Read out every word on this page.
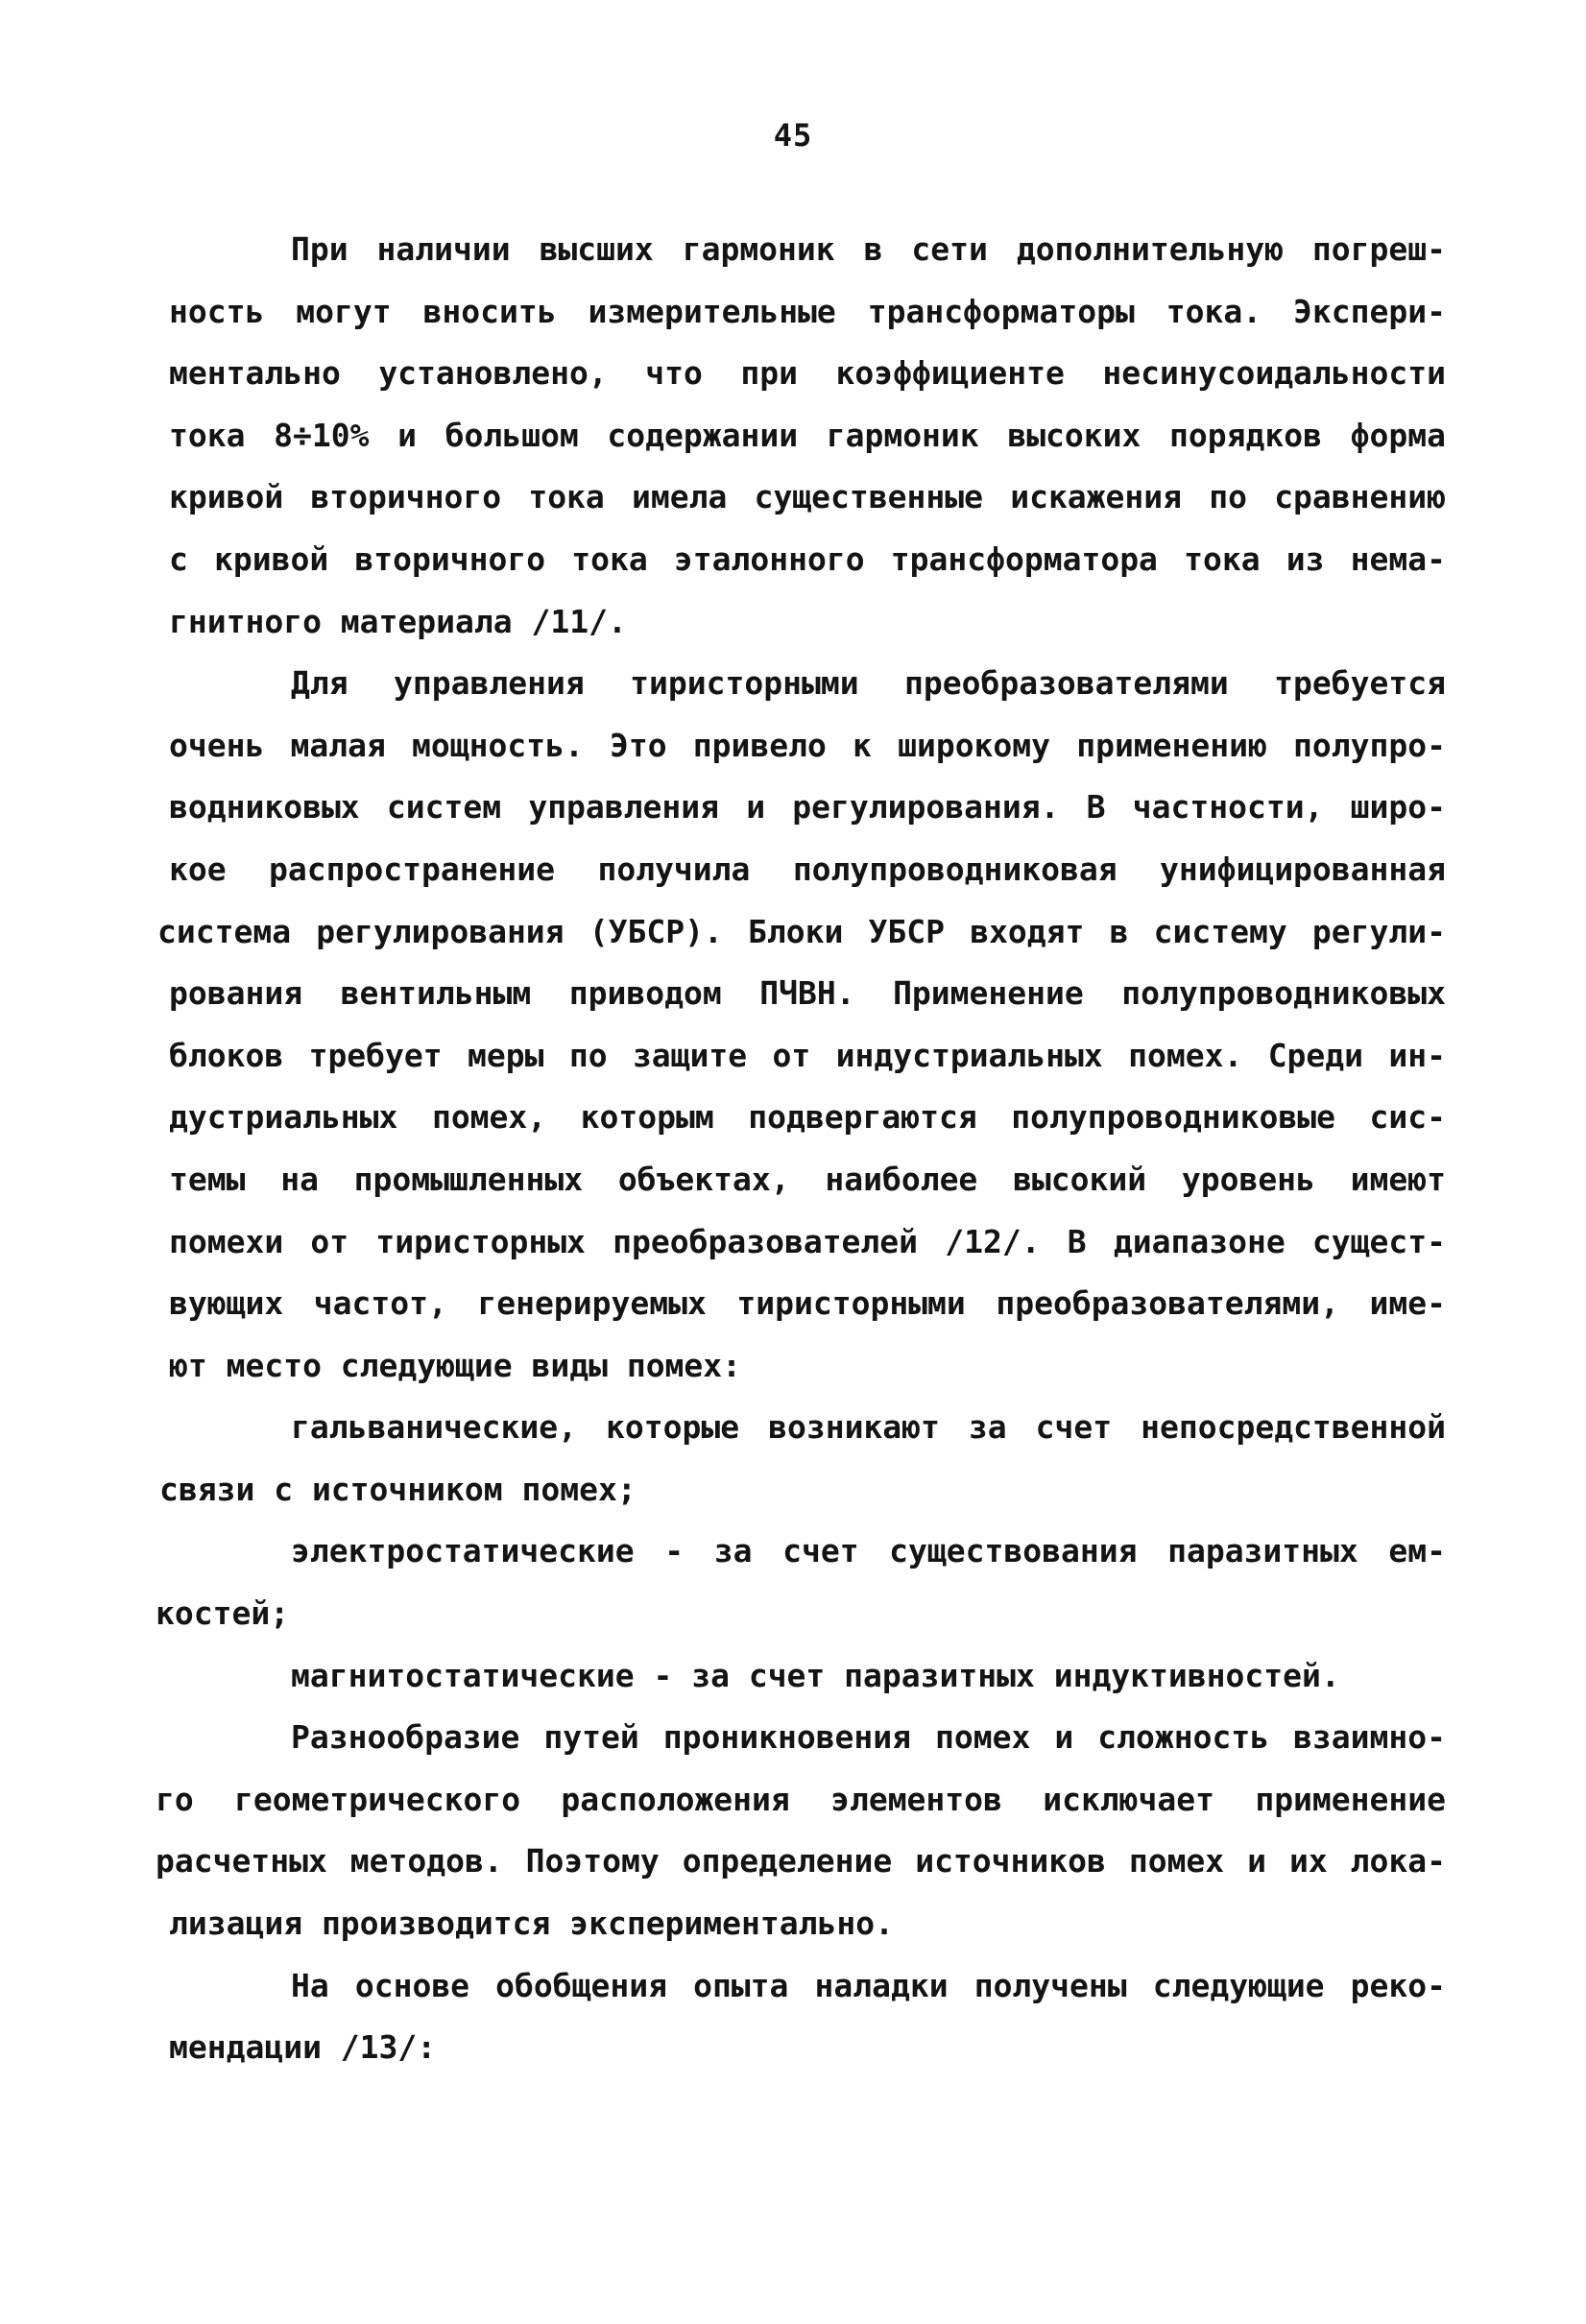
45
При наличии высших гармоник в сети дополнительную погреш-
ность могут вносить измерительные трансформаторы тока. Экспери-
ментально установлено, что при коэффициенте несинусоидальности
тока 8÷10% и большом содержании гармоник высоких порядков форма
кривой вторичного тока имела существенные искажения по сравнению
с кривой вторичного тока эталонного трансформатора тока из нема-
гнитного материала /11/.
Для управления тиристорными преобразователями требуется
очень малая мощность. Это привело к широкому применению полупро-
водниковых систем управления и регулирования. В частности, широ-
кое распространение получила полупроводниковая унифицированная
система регулирования (УБСР). Блоки УБСР входят в систему регули-
рования вентильным приводом ПЧВН. Применение полупроводниковых
блоков требует меры по защите от индустриальных помех. Среди ин-
дустриальных помех, которым подвергаются полупроводниковые сис-
темы на промышленных объектах, наиболее высокий уровень имеют
помехи от тиристорных преобразователей /12/. В диапазоне сущест-
вующих частот, генерируемых тиристорными преобразователями, име-
ют место следующие виды помех:
гальванические, которые возникают за счет непосредственной
связи с источником помех;
электростатические - за счет существования паразитных ем-
костей;
магнитостатические - за счет паразитных индуктивностей.
Разнообразие путей проникновения помех и сложность взаимно-
го геометрического расположения элементов исключает применение
расчетных методов. Поэтому определение источников помех и их лока-
лизация производится экспериментально.
На основе обобщения опыта наладки получены следующие реко-
мендации /13/:
